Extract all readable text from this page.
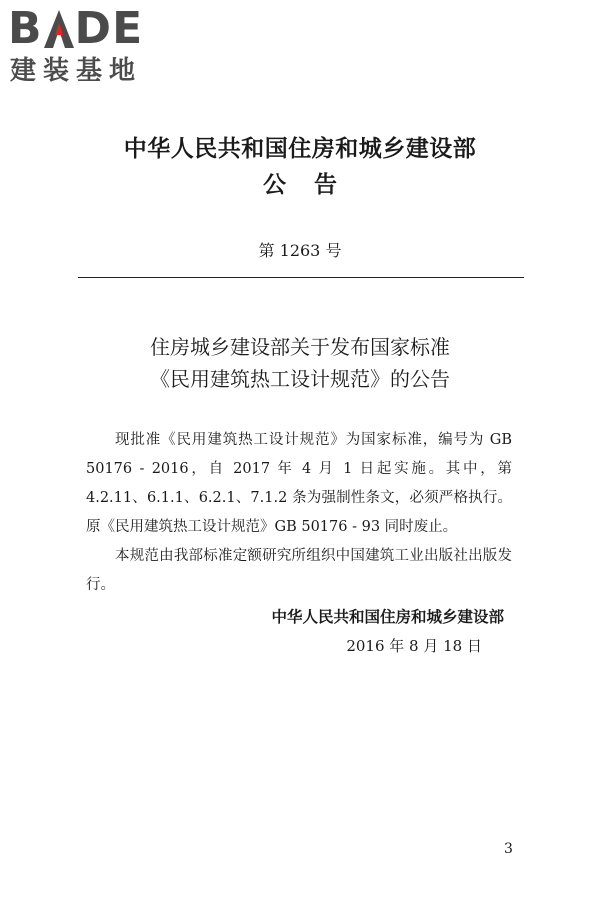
B DE
建装基地
中华人民共和国住房和城乡建设部
公告
第 1263 号
住房城乡建设部关于发布国家标准
《民用建筑热工设计规范》的公告

现批准《民用建筑热工设计规范》为国家标准，编号为 GB 50176 - 2016，自 2017 年 4 月 1 日起实施。其中，第 4.2.11、6.1.1、6.2.1、7.1.2 条为强制性条文，必须严格执行。原《民用建筑热工设计规范》GB 50176 - 93 同时废止。

本规范由我部标准定额研究所组织中国建筑工业出版社出版发行。

中华人民共和国住房和城乡建设部
2016 年 8 月 18 日
3
